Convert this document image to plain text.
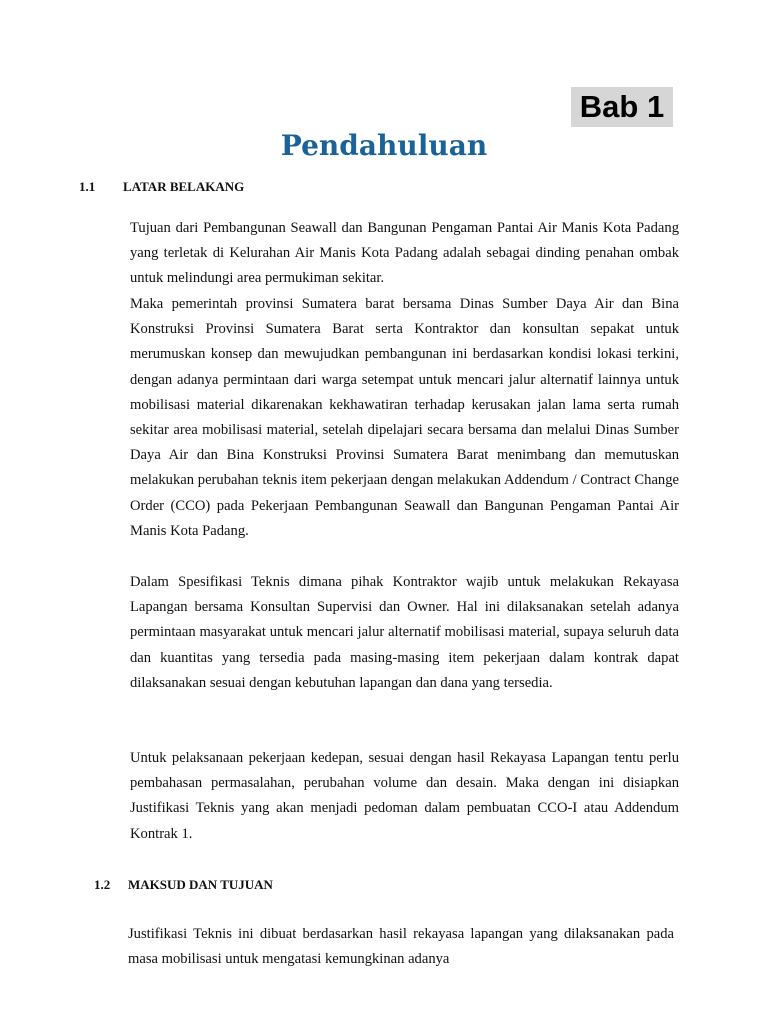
Bab 1
Pendahuluan
1.1 LATAR BELAKANG

Tujuan dari Pembangunan Seawall dan Bangunan Pengaman Pantai Air Manis Kota Padang yang terletak di Kelurahan Air Manis Kota Padang adalah sebagai dinding penahan ombak untuk melindungi area permukiman sekitar.

Maka pemerintah provinsi Sumatera barat bersama Dinas Sumber Daya Air dan Bina Konstruksi Provinsi Sumatera Barat serta Kontraktor dan konsultan sepakat untuk merumuskan konsep dan mewujudkan pembangunan ini berdasarkan kondisi lokasi terkini, dengan adanya permintaan dari warga setempat untuk mencari jalur alternatif lainnya untuk mobilisasi material dikarenakan kekhawatiran terhadap kerusakan jalan lama serta rumah sekitar area mobilisasi material, setelah dipelajari secara bersama dan melalui Dinas Sumber Daya Air dan Bina Konstruksi Provinsi Sumatera Barat menimbang dan memutuskan melakukan perubahan teknis item pekerjaan dengan melakukan Addendum / Contract Change Order (CCO) pada Pekerjaan Pembangunan Seawall dan Bangunan Pengaman Pantai Air Manis Kota Padang.

Dalam Spesifikasi Teknis dimana pihak Kontraktor wajib untuk melakukan Rekayasa Lapangan bersama Konsultan Supervisi dan Owner. Hal ini dilaksanakan setelah adanya permintaan masyarakat untuk mencari jalur alternatif mobilisasi material, supaya seluruh data dan kuantitas yang tersedia pada masing-masing item pekerjaan dalam kontrak dapat dilaksanakan sesuai dengan kebutuhan lapangan dan dana yang tersedia.

Untuk pelaksanaan pekerjaan kedepan, sesuai dengan hasil Rekayasa Lapangan tentu perlu pembahasan permasalahan, perubahan volume dan desain. Maka dengan ini disiapkan Justifikasi Teknis yang akan menjadi pedoman dalam pembuatan CCO-I atau Addendum Kontrak 1.

1.2 MAKSUD DAN TUJUAN

Justifikasi Teknis ini dibuat berdasarkan hasil rekayasa lapangan yang dilaksanakan pada masa mobilisasi untuk mengatasi kemungkinan adanya
